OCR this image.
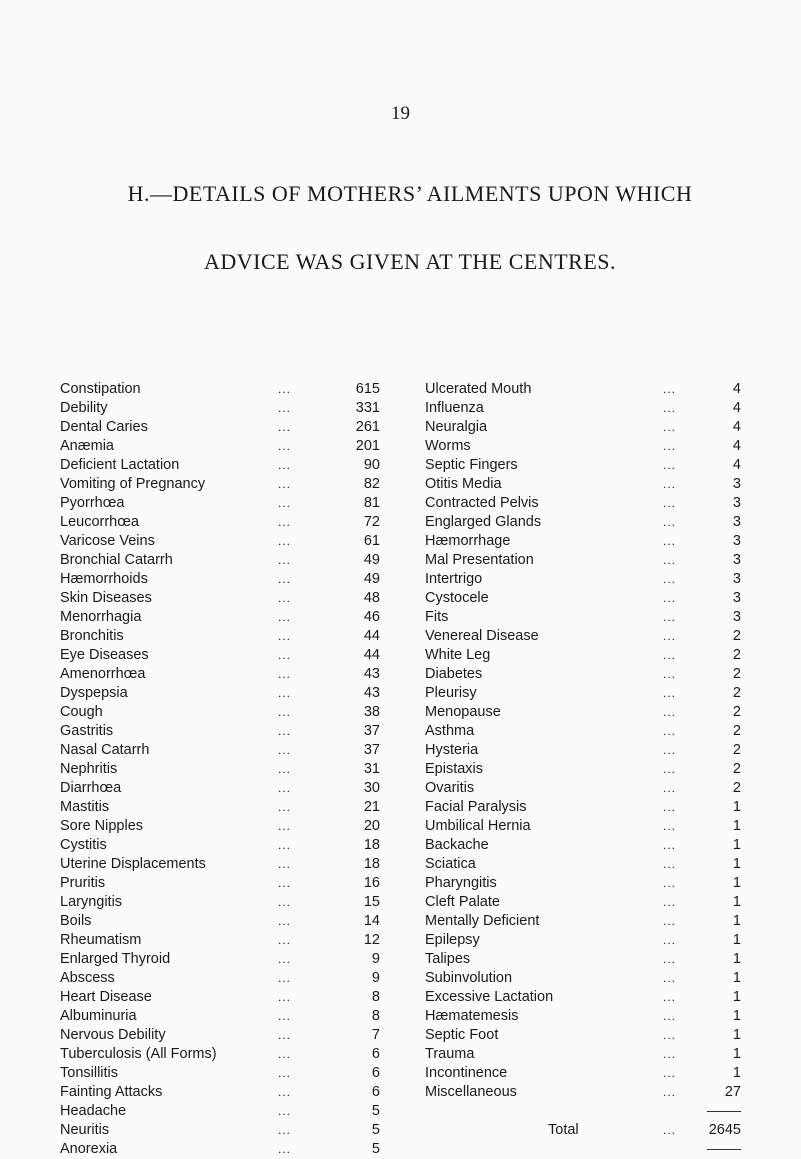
19
H.—DETAILS OF MOTHERS’ AILMENTS UPON WHICH
ADVICE WAS GIVEN AT THE CENTRES.
Constipation	...	615
Debility	...	331
Dental Caries	...	261
Anæmia	...	201
Deficient Lactation	...	90
Vomiting of Pregnancy	...	82
Pyorrhœa	...	81
Leucorrhœa	...	72
Varicose Veins	...	61
Bronchial Catarrh	...	49
Hæmorrhoids	...	49
Skin Diseases	...	48
Menorrhagia	...	46
Bronchitis	...	44
Eye Diseases	...	44
Amenorrhœa	...	43
Dyspepsia	...	43
Cough	...	38
Gastritis	...	37
Nasal Catarrh	...	37
Nephritis	...	31
Diarrhœa	...	30
Mastitis	...	21
Sore Nipples	...	20
Cystitis	...	18
Uterine Displacements	...	18
Pruritis	...	16
Laryngitis	...	15
Boils	...	14
Rheumatism	...	12
Enlarged Thyroid	...	9
Abscess	...	9
Heart Disease	...	8
Albuminuria	...	8
Nervous Debility	...	7
Tuberculosis (All Forms)	...	6
Tonsillitis	...	6
Fainting Attacks	...	6
Headache	...	5
Neuritis	...	5
Anorexia	...	5
Ulcerated Mouth	...	4
Influenza	...	4
Neuralgia	...	4
Worms	...	4
Septic Fingers	...	4
Otitis Media	...	3
Contracted Pelvis	...	3
Englarged Glands	...	3
Hæmorrhage	...	3
Mal Presentation	...	3
Intertrigo	...	3
Cystocele	...	3
Fits	...	3
Venereal Disease	...	2
White Leg	...	2
Diabetes	...	2
Pleurisy	...	2
Menopause	...	2
Asthma	...	2
Hysteria	...	2
Epistaxis	...	2
Ovaritis	...	2
Facial Paralysis	...	1
Umbilical Hernia	...	1
Backache	...	1
Sciatica	...	1
Pharyngitis	...	1
Cleft Palate	...	1
Mentally Deficient	...	1
Epilepsy	...	1
Talipes	...	1
Subinvolution	...	1
Excessive Lactation	...	1
Hæmatemesis	...	1
Septic Foot	...	1
Trauma	...	1
Incontinence	...	1
Miscellaneous	...	27
Total	...	2645
